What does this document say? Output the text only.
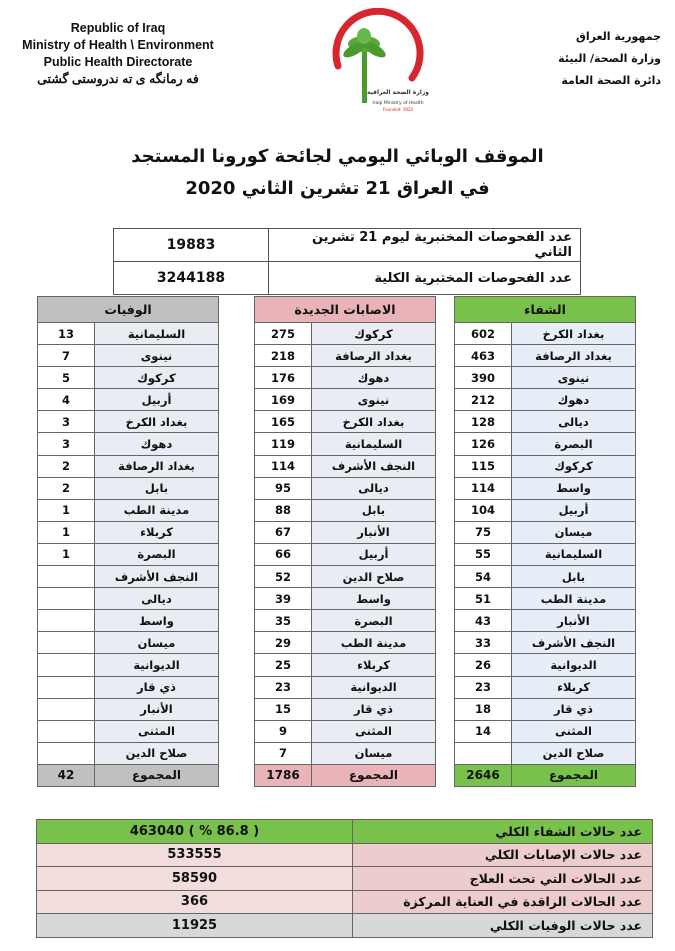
Republic of Iraq
Ministry of Health \ Environment
Public Health Directorate
فه رمانگه ی ته ندروستی گشتی
وزارة الصحة العراقية
Iraqi Ministry of Health
Founded: 1920
جمهورية العراق
وزارة الصحة/ البيئة
دائرة الصحة العامة
الموقف الوبائي اليومي لجائحة كورونا المستجد
في العراق 21 تشرين الثاني 2020
عدد الفحوصات المختبرية ليوم 21 تشرين الثاني	19883
عدد الفحوصات المختبرية الكلية	3244188
الشفاء	
بغداد الكرخ	602
بغداد الرصافة	463
نينوى	390
دهوك	212
ديالى	128
البصرة	126
كركوك	115
واسط	114
أربيل	104
ميسان	75
السليمانية	55
بابل	54
مدينة الطب	51
الأنبار	43
النجف الأشرف	33
الديوانية	26
كربلاء	23
ذي قار	18
المثنى	14
صلاح الدين	
المجموع	2646
الاصابات الجديدة	
كركوك	275
بغداد الرصافة	218
دهوك	176
نينوى	169
بغداد الكرخ	165
السليمانية	119
النجف الأشرف	114
ديالى	95
بابل	88
الأنبار	67
أربيل	66
صلاح الدين	52
واسط	39
البصرة	35
مدينة الطب	29
كربلاء	25
الديوانية	23
ذي قار	15
المثنى	9
ميسان	7
المجموع	1786
الوفيات	
السليمانية	13
نينوى	7
كركوك	5
أربيل	4
بغداد الكرخ	3
دهوك	3
بغداد الرصافة	2
بابل	2
مدينة الطب	1
كربلاء	1
البصرة	1
النجف الأشرف	
ديالى	
واسط	
ميسان	
الديوانية	
ذي قار	
الأنبار	
المثنى	
صلاح الدين	
المجموع	42
عدد حالات الشفاء الكلي	( 86.8 % ) 463040
عدد حالات الإصابات الكلي	533555
عدد الحالات التي تحت العلاج	58590
عدد الحالات الراقدة في العناية المركزة	366
عدد حالات الوفيات الكلي	11925
